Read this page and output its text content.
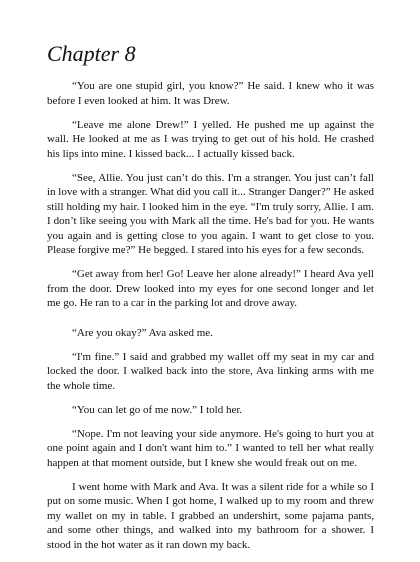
Chapter 8

“You are one stupid girl, you know?” He said. I knew who it was before I even looked at him. It was Drew.

“Leave me alone Drew!” I yelled. He pushed me up against the wall. He looked at me as I was trying to get out of his hold. He crashed his lips into mine. I kissed back... I actually kissed back.

“See, Allie. You just can’t do this. I'm a stranger. You just can’t fall in love with a stranger. What did you call it... Stranger Danger?” He asked still holding my hair. I looked him in the eye. “I'm truly sorry, Allie. I am. I don’t like seeing you with Mark all the time. He's bad for you. He wants you again and is getting close to you again. I want to get close to you. Please forgive me?” He begged. I stared into his eyes for a few seconds.

“Get away from her! Go! Leave her alone already!” I heard Ava yell from the door. Drew looked into my eyes for one second longer and let me go. He ran to a car in the parking lot and drove away.

“Are you okay?” Ava asked me.

“I'm fine.” I said and grabbed my wallet off my seat in my car and locked the door. I walked back into the store, Ava linking arms with me the whole time.

“You can let go of me now.” I told her.

“Nope. I'm not leaving your side anymore. He's going to hurt you at one point again and I don't want him to.” I wanted to tell her what really happen at that moment outside, but I knew she would freak out on me.

I went home with Mark and Ava. It was a silent ride for a while so I put on some music. When I got home, I walked up to my room and threw my wallet on my in table. I grabbed an undershirt, some pajama pants, and some other things, and walked into my bathroom for a shower. I stood in the hot water as it ran down my back.
